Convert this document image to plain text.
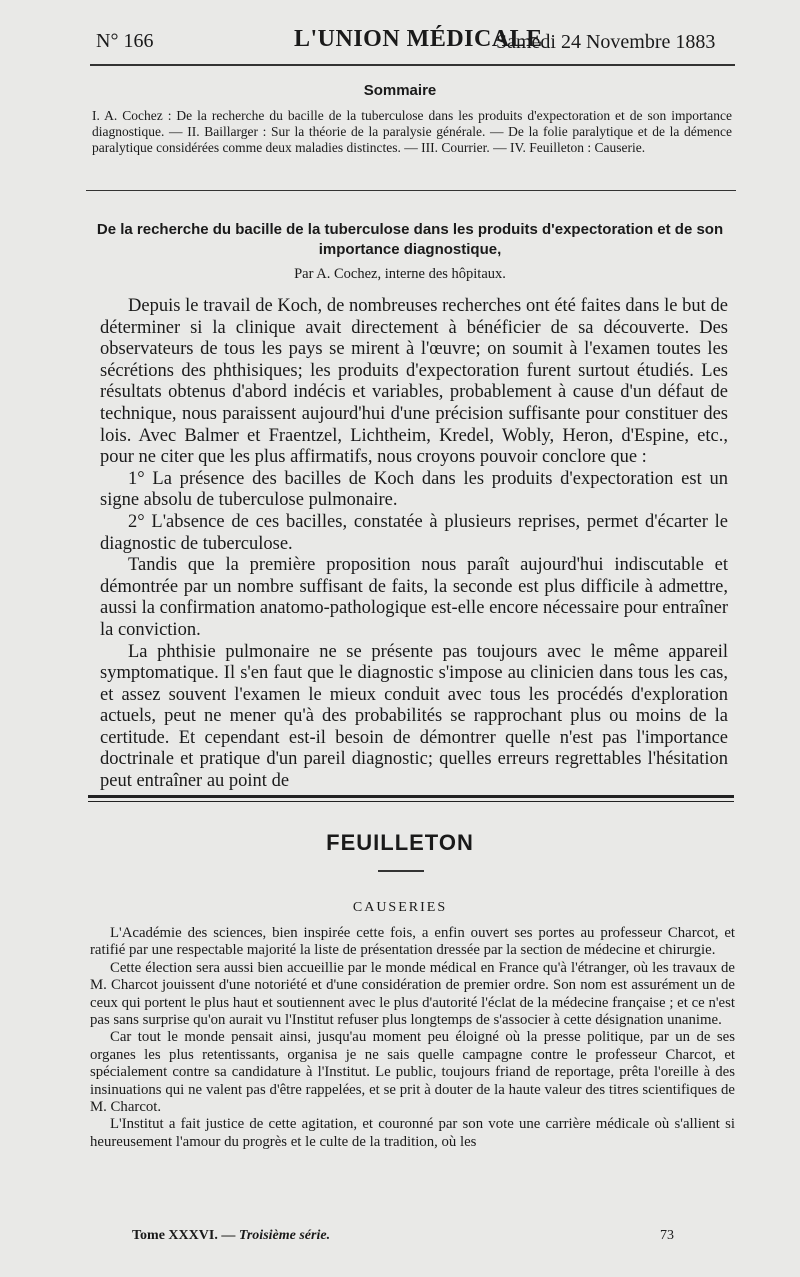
N° 166	L'UNION MÉDICALE
Samedi 24 Novembre 1883
Sommaire
I. A. Cochez : De la recherche du bacille de la tuberculose dans les produits d'expectoration et de son importance diagnostique. — II. Baillarger : Sur la théorie de la paralysie générale. — De la folie paralytique et de la démence paralytique considérées comme deux maladies distinctes. — III. Courrier. — IV. Feuilleton : Causerie.
De la recherche du bacille de la tuberculose dans les produits d'expectoration et de son importance diagnostique,
Par A. Cochez, interne des hôpitaux.

Depuis le travail de Koch, de nombreuses recherches ont été faites dans le but de déterminer si la clinique avait directement à bénéficier de sa découverte. Des observateurs de tous les pays se mirent à l'œuvre; on soumit à l'examen toutes les sécrétions des phthisiques; les produits d'expectoration furent surtout étudiés. Les résultats obtenus d'abord indécis et variables, probablement à cause d'un défaut de technique, nous paraissent aujourd'hui d'une précision suffisante pour constituer des lois. Avec Balmer et Fraentzel, Lichtheim, Kredel, Wobly, Heron, d'Espine, etc., pour ne citer que les plus affirmatifs, nous croyons pouvoir conclore que :

1° La présence des bacilles de Koch dans les produits d'expectoration est un signe absolu de tuberculose pulmonaire.

2° L'absence de ces bacilles, constatée à plusieurs reprises, permet d'écarter le diagnostic de tuberculose.

Tandis que la première proposition nous paraît aujourd'hui indiscutable et démontrée par un nombre suffisant de faits, la seconde est plus difficile à admettre, aussi la confirmation anatomo-pathologique est-elle encore nécessaire pour entraîner la conviction.

La phthisie pulmonaire ne se présente pas toujours avec le même appareil symptomatique. Il s'en faut que le diagnostic s'impose au clinicien dans tous les cas, et assez souvent l'examen le mieux conduit avec tous les procédés d'exploration actuels, peut ne mener qu'à des probabilités se rapprochant plus ou moins de la certitude. Et cependant est-il besoin de démontrer quelle n'est pas l'importance doctrinale et pratique d'un pareil diagnostic; quelles erreurs regrettables l'hésitation peut entraîner au point de

FEUILLETON
CAUSERIES

L'Académie des sciences, bien inspirée cette fois, a enfin ouvert ses portes au professeur Charcot, et ratifié par une respectable majorité la liste de présentation dressée par la section de médecine et chirurgie.

Cette élection sera aussi bien accueillie par le monde médical en France qu'à l'étranger, où les travaux de M. Charcot jouissent d'une notoriété et d'une considération de premier ordre. Son nom est assurément un de ceux qui portent le plus haut et soutiennent avec le plus d'autorité l'éclat de la médecine française ; et ce n'est pas sans surprise qu'on aurait vu l'Institut refuser plus longtemps de s'associer à cette désignation unanime.

Car tout le monde pensait ainsi, jusqu'au moment peu éloigné où la presse politique, par un de ses organes les plus retentissants, organisa je ne sais quelle campagne contre le professeur Charcot, et spécialement contre sa candidature à l'Institut. Le public, toujours friand de reportage, prêta l'oreille à des insinuations qui ne valent pas d'être rappelées, et se prit à douter de la haute valeur des titres scientifiques de M. Charcot.

L'Institut a fait justice de cette agitation, et couronné par son vote une carrière médicale où s'allient si heureusement l'amour du progrès et le culte de la tradition, où les

Tome XXXVI. — Troisième série.	73
